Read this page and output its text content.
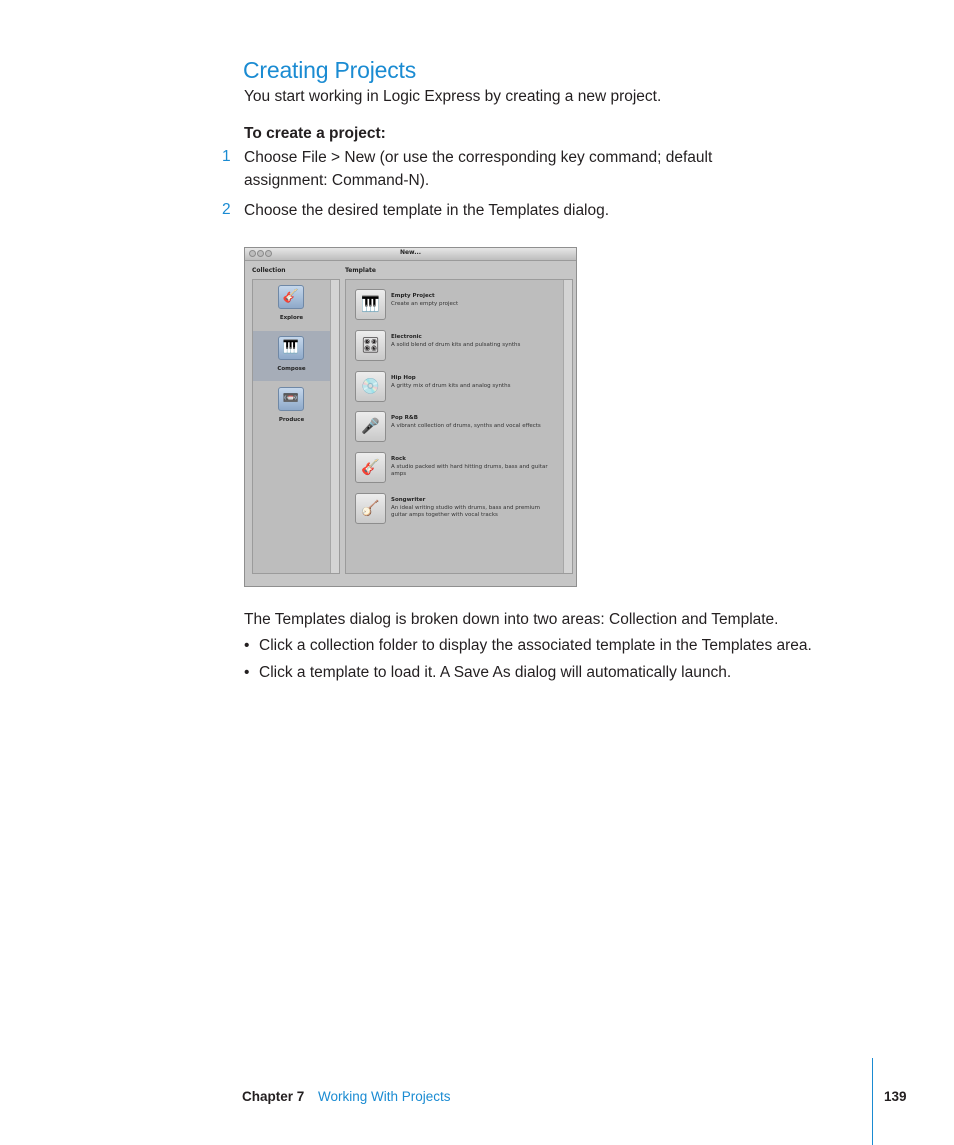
Creating Projects
You start working in Logic Express by creating a new project.
To create a project:
1 Choose File > New (or use the corresponding key command; default assignment: Command-N).
2 Choose the desired template in the Templates dialog.
New...
Collection	Template
🎸
Explore
🎹
Compose
📼
Produce
🎹	Empty Project
Create an empty project
🎛	Electronic
A solid blend of drum kits and pulsating synths
💿	Hip Hop
A gritty mix of drum kits and analog synths
🎤	Pop R&B
A vibrant collection of drums, synths and vocal effects
🎸	Rock
A studio packed with hard hitting drums, bass and guitar amps
🪕	Songwriter
An ideal writing studio with drums, bass and premium guitar amps together with vocal tracks
The Templates dialog is broken down into two areas: Collection and Template.
• Click a collection folder to display the associated template in the Templates area.
• Click a template to load it. A Save As dialog will automatically launch.
Chapter 7 Working With Projects	139
